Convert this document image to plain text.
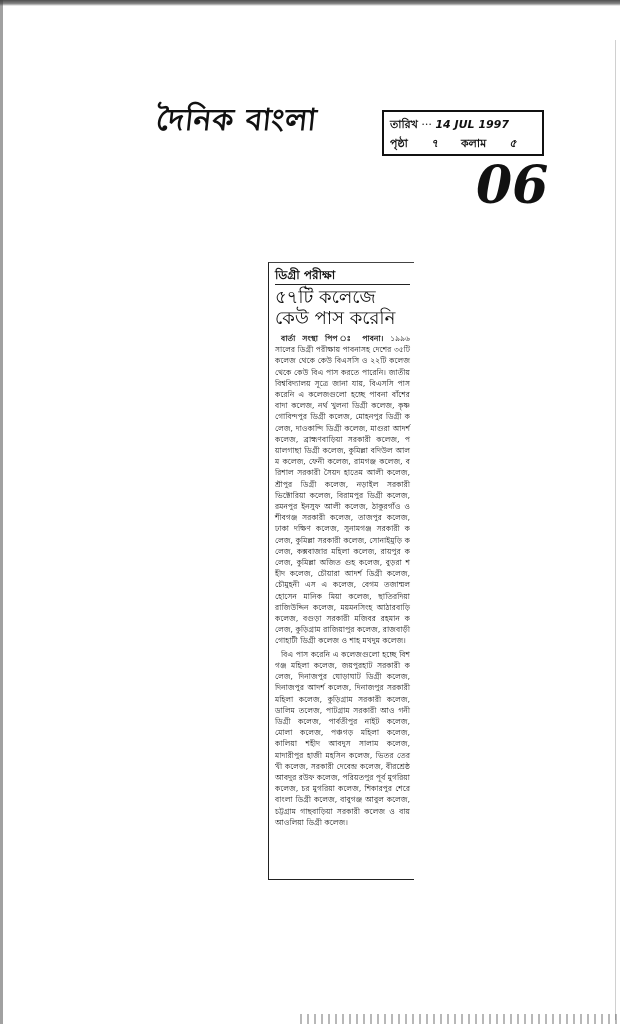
দৈনিক বাংলা	তারিখ ··· 14 JUL 1997
পৃষ্ঠা ৭ কলাম ৫
06
ডিগ্রী পরীক্ষা
৫৭টি কলেজে কেউ পাস করেনি

বার্তা সংস্থা পিপ ঃ পাবনা। ১৯৯৬ সালের ডিগ্রী পরীক্ষায় পাবনাসহ দেশের ৩৫টি কলেজ থেকে কেউ বিএসসি ও ২২টি কলেজ থেকে কেউ বিএ পাস করতে পারেনি। জাতীয় বিশ্ববিদ্যালয় সূত্রে জানা যায়, বিএসসি পাস করেনি এ কলেজগুলো হচ্ছে পাবনা বাঁশেরবাদা কলেজ, নর্থ খুলনা ডিগ্রী কলেজ, কৃষ্ণ গোবিন্দপুর ডিগ্রী কলেজ, মোহনপুর ডিগ্রী কলেজ, দাওকান্দি ডিগ্রী কলেজ, মাগুরা আদর্শ কলেজ, ব্রাহ্মণবাড়িয়া সরকারী কলেজ, পয়ালগাছা ডিগ্রী কলেজ, কুমিল্লা বদিউল আলম কলেজ, ফেনী কলেজ, রামগঞ্জ কলেজ, বরিশাল সরকারী সৈয়দ হাতেম আলী কলেজ, শ্রীপুর ডিগ্রী কলেজ, নড়াইল সরকারী ভিক্টোরিয়া কলেজ, বিরামপুর ডিগ্রী কলেজ, রমনপুর ইনসুফ আলী কলেজ, ঠাকুরগাঁও ও শীবগঞ্জ সরকারী কলেজ, তাজপুর কলেজ, ঢাকা দক্ষিণ কলেজ, সুনামগঞ্জ সরকারী কলেজ, কুমিল্লা সরকারী কলেজ, সোনাইমুড়ি কলেজ, কক্সবাজার মহিলা কলেজ, রায়পুর কলেজ, কুমিল্লা অজিত গুহ কলেজ, বুড়রা শহীদ কলেজ, চৌয়ারা আদর্শ ডিগ্রী কলেজ, চৌমুহনী এস এ কলেজ, বেগম তজাম্মল হোসেন মানিক মিয়া কলেজ, ছাতিরদিয়া রাজিউদ্দিন কলেজ, ময়মনসিংহ আঠারবাড়ি কলেজ, বগুড়া সরকারী মজিবর রহমান কলেজ, কুড়িগ্রাম রাজিয়াপুর কলেজ, রাজবাড়ী গোহাটী ডিগ্রী কলেজ ও শাহ মখদুম কলেজ।

বিএ পাস করেনি এ কলেজগুলো হচ্ছে বিশগঞ্জ মহিলা কলেজ, জয়পুরহাট সরকারী কলেজ, দিনাজপুর ঘোড়াঘাট ডিগ্রী কলেজ, দিনাজপুর আদর্শ কলেজ, দিনাজপুর সরকারী মহিলা কলেজ, কুড়িগ্রাম সরকারী কলেজ, ডালিম তলেজ, পাটগ্রাম সরকারী আও গনী ডিগ্রী কলেজ, পার্বতীপুর নাইট কলেজ, মোলা কলেজ, পঞ্চগড় মহিলা কলেজ, কালিয়া শহীদ আবদুস সালাম কলেজ, মাদারীপুর হাজী মহসিন কলেজ, ভিতর তেরখী কলেজ, সরকারী দেবেন্দ্র কলেজ, বীরশ্রেষ্ঠ আবদুর রউফ কলেজ, পরিয়তপুর পূর্ব মুগরিয়া কলেজ, চর মুগরিয়া কলেজ, শিকারপুর শেরে বাংলা ডিগ্রী কলেজ, বাবুগঞ্জ আবুল কলেজ, চট্টগ্রাম গাছবাড়িয়া সরকারী কলেজ ও বায় আওলিয়া ডিগ্রী কলেজ।
